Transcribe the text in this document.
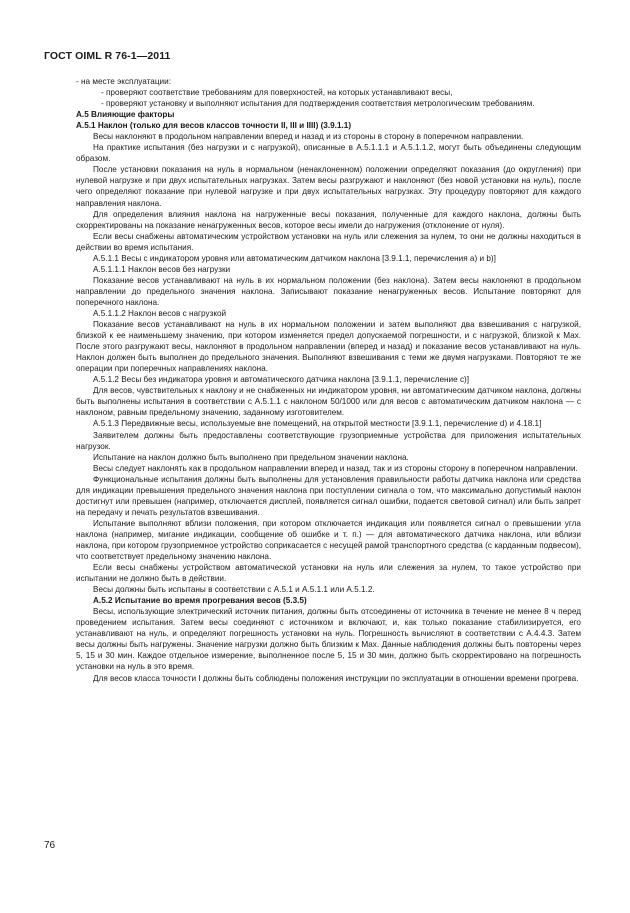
ГОСТ OIML R 76-1—2011

- на месте эксплуатации:

- проверяют соответствие требованиям для поверхностей, на которых устанавливают весы,

- проверяют установку и выполняют испытания для подтверждения соответствия метрологическим требованиям.

А.5 Влияющие факторы

А.5.1 Наклон (только для весов классов точности II, III и IIII) (3.9.1.1)

Весы наклоняют в продольном направлении вперед и назад и из стороны в сторону в поперечном направлении.

На практике испытания (без нагрузки и с нагрузкой), описанные в А.5.1.1.1 и А.5.1.1.2, могут быть объединены следующим образом.

После установки показания на нуль в нормальном (ненаклоненном) положении определяют показания (до округления) при нулевой нагрузке и при двух испытательных нагрузках. Затем весы разгружают и наклоняют (без новой установки на нуль), после чего определяют показание при нулевой нагрузке и при двух испытательных нагрузках. Эту процедуру повторяют для каждого направления наклона.

Для определения влияния наклона на нагруженные весы показания, полученные для каждого наклона, должны быть скорректированы на показание ненагруженных весов, которое весы имели до нагружения (отклонение от нуля).

Если весы снабжены автоматическим устройством установки на нуль или слежения за нулем, то они не должны находиться в действии во время испытания.

А.5.1.1 Весы с индикатором уровня или автоматическим датчиком наклона [3.9.1.1, перечисления а) и b)]

А.5.1.1.1 Наклон весов без нагрузки

Показание весов устанавливают на нуль в их нормальном положении (без наклона). Затем весы наклоняют в продольном направлении до предельного значения наклона. Записывают показание ненагруженных весов. Испытание повторяют для поперечного наклона.

А.5.1.1.2 Наклон весов с нагрузкой

Показание весов устанавливают на нуль в их нормальном положении и затем выполняют два взвешивания с нагрузкой, близкой к ее наименьшему значению, при котором изменяется предел допускаемой погрешности, и с нагрузкой, близкой к Max. После этого разгружают весы, наклоняют в продольном направлении (вперед и назад) и показание весов устанавливают на нуль. Наклон должен быть выполнен до предельного значения. Выполняют взвешивания с теми же двумя нагрузками. Повторяют те же операции при поперечных направлениях наклона.

А.5.1.2 Весы без индикатора уровня и автоматического датчика наклона [3.9.1.1, перечисление с)]

Для весов, чувствительных к наклону и не снабженных ни индикатором уровня, ни автоматическим датчиком наклона, должны быть выполнены испытания в соответствии с А.5.1.1 с наклоном 50/1000 или для весов с автоматическим датчиком наклона — с наклоном, равным предельному значению, заданному изготовителем.

А.5.1.3 Передвижные весы, используемые вне помещений, на открытой местности [3.9.1.1, перечисление d) и 4.18.1]

Заявителем должны быть предоставлены соответствующие грузоприемные устройства для приложения испытательных нагрузок.

Испытание на наклон должно быть выполнено при предельном значении наклона.

Весы следует наклонять как в продольном направлении вперед и назад, так и из стороны сторону в поперечном направлении.

Функциональные испытания должны быть выполнены для установления правильности работы датчика наклона или средства для индикации превышения предельного значения наклона при поступлении сигнала о том, что максимально допустимый наклон достигнут или превышен (например, отключается дисплей, появляется сигнал ошибки, подается световой сигнал) или быть запрет на передачу и печать результатов взвешивания.

Испытание выполняют вблизи положения, при котором отключается индикация или появляется сигнал о превышении угла наклона (например, мигание индикации, сообщение об ошибке и т. п.) — для автоматического датчика наклона, или вблизи наклона, при котором грузоприемное устройство соприкасается с несущей рамой транспортного средства (с карданным подвесом), что соответствует предельному значению наклона.

Если весы снабжены устройством автоматической установки на нуль или слежения за нулем, то такое устройство при испытании не должно быть в действии.

Весы должны быть испытаны в соответствии с А.5.1 и А.5.1.1 или А.5.1.2.

А.5.2 Испытание во время прогревания весов (5.3.5)

Весы, использующие электрический источник питания, должны быть отсоединены от источника в течение не менее 8 ч перед проведением испытания. Затем весы соединяют с источником и включают, и, как только показание стабилизируется, его устанавливают на нуль, и определяют погрешность установки на нуль. Погрешность вычисляют в соответствии с А.4.4.3. Затем весы должны быть нагружены. Значение нагрузки должно быть близким к Max. Данные наблюдения должны быть повторены через 5, 15 и 30 мин. Каждое отдельное измерение, выполненное после 5, 15 и 30 мин, должно быть скорректировано на погрешность установки на нуль в это время.

Для весов класса точности I должны быть соблюдены положения инструкции по эксплуатации в отношении времени прогрева.

76
